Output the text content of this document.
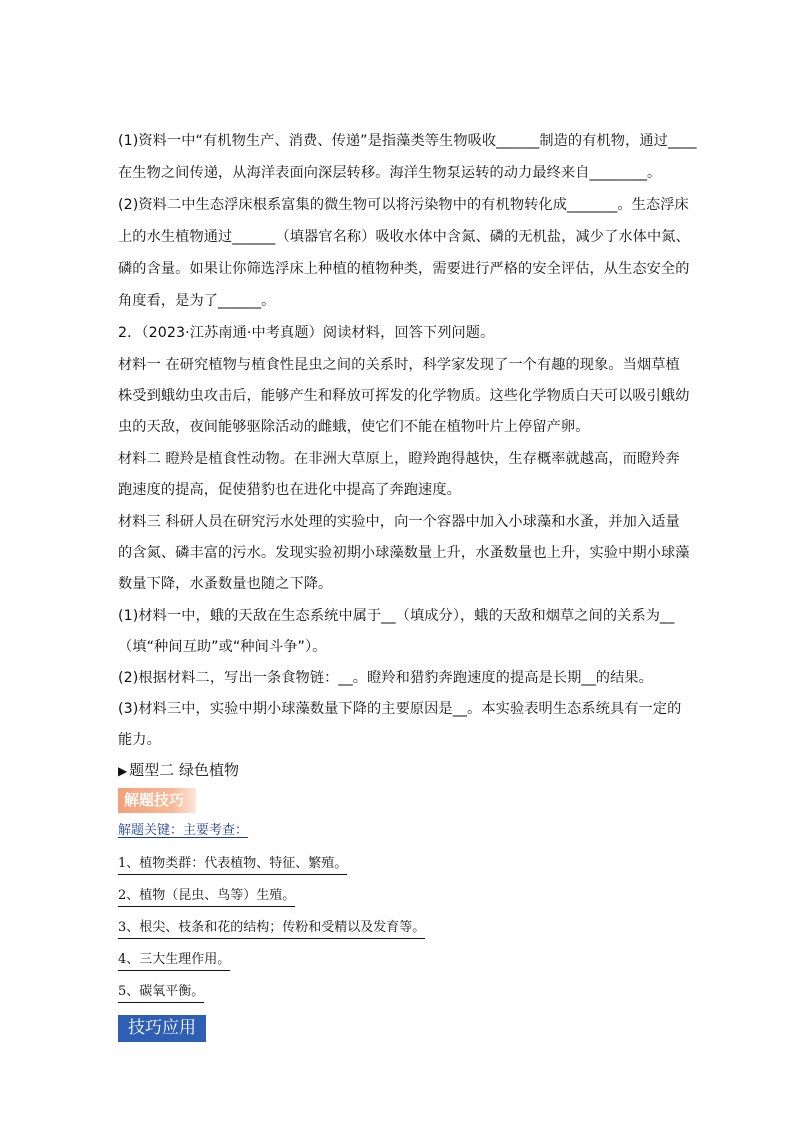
(1)资料一中“有机物生产、消费、传递”是指藻类等生物吸收______制造的有机物，通过____
在生物之间传递，从海洋表面向深层转移。海洋生物泵运转的动力最终来自________。
(2)资料二中生态浮床根系富集的微生物可以将污染物中的有机物转化成_______。生态浮床
上的水生植物通过______（填器官名称）吸收水体中含氮、磷的无机盐，减少了水体中氮、
磷的含量。如果让你筛选浮床上种植的植物种类，需要进行严格的安全评估，从生态安全的
角度看，是为了______。
2．（2023·江苏南通·中考真题）阅读材料，回答下列问题。
材料一 在研究植物与植食性昆虫之间的关系时，科学家发现了一个有趣的现象。当烟草植
株受到蛾幼虫攻击后，能够产生和释放可挥发的化学物质。这些化学物质白天可以吸引蛾幼
虫的天敌，夜间能够驱除活动的雌蛾，使它们不能在植物叶片上停留产卵。
材料二 瞪羚是植食性动物。在非洲大草原上，瞪羚跑得越快，生存概率就越高，而瞪羚奔
跑速度的提高，促使猎豹也在进化中提高了奔跑速度。
材料三 科研人员在研究污水处理的实验中，向一个容器中加入小球藻和水蚤，并加入适量
的含氮、磷丰富的污水。发现实验初期小球藻数量上升，水蚤数量也上升，实验中期小球藻
数量下降，水蚤数量也随之下降。
(1)材料一中，蛾的天敌在生态系统中属于__（填成分），蛾的天敌和烟草之间的关系为__
（填“种间互助”或“种间斗争”）。
(2)根据材料二，写出一条食物链：__。瞪羚和猎豹奔跑速度的提高是长期__的结果。
(3)材料三中，实验中期小球藻数量下降的主要原因是__。本实验表明生态系统具有一定的
能力。
▶ 题型二 绿色植物
解题技巧
解题关键：主要考查：
1、植物类群：代表植物、特征、繁殖。
2、植物（昆虫、鸟等）生殖。
3、根尖、枝条和花的结构；传粉和受精以及发育等。
4、三大生理作用。
5、碳氧平衡。
技巧应用
